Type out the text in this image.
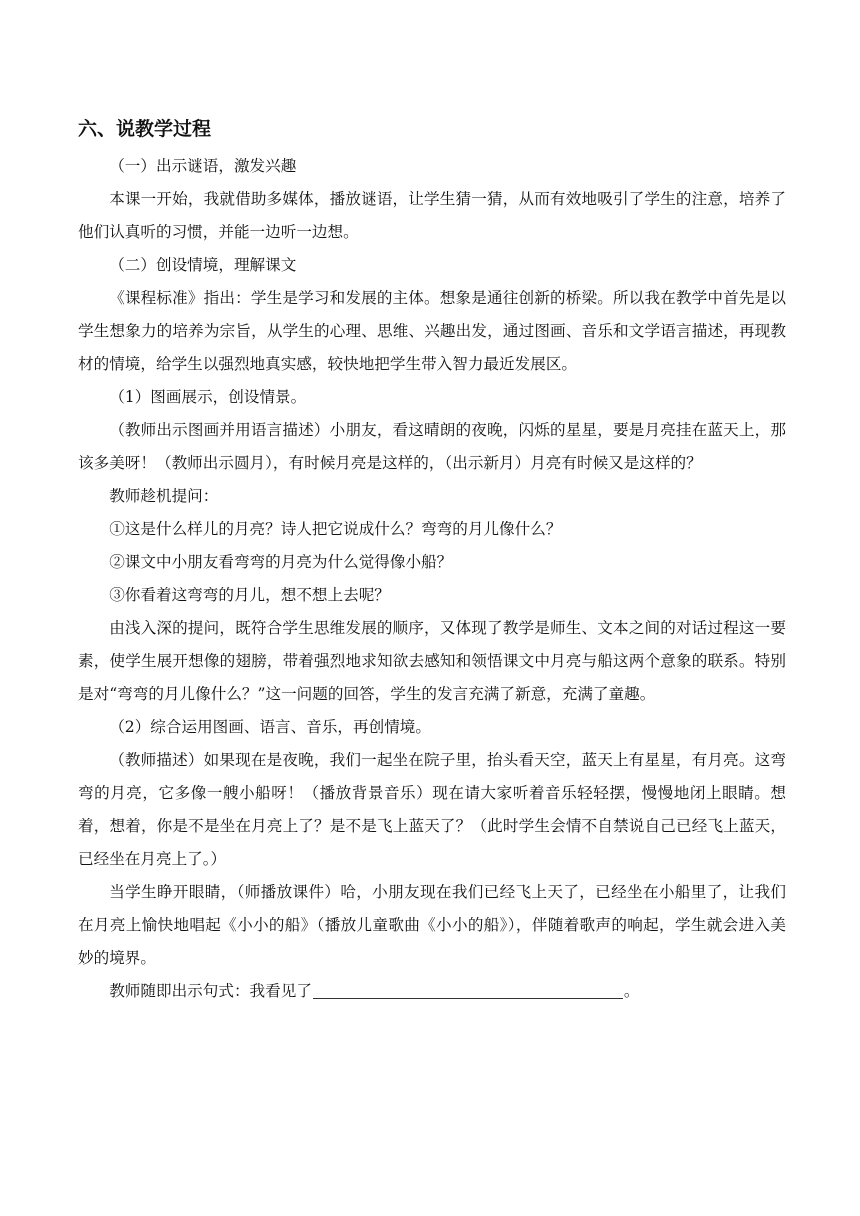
六、说教学过程

（一）出示谜语，激发兴趣

本课一开始，我就借助多媒体，播放谜语，让学生猜一猜，从而有效地吸引了学生的注意，培养了他们认真听的习惯，并能一边听一边想。

（二）创设情境，理解课文

《课程标准》指出：学生是学习和发展的主体。想象是通往创新的桥梁。所以我在教学中首先是以学生想象力的培养为宗旨，从学生的心理、思维、兴趣出发，通过图画、音乐和文学语言描述，再现教材的情境，给学生以强烈地真实感，较快地把学生带入智力最近发展区。

（1）图画展示，创设情景。

（教师出示图画并用语言描述）小朋友，看这晴朗的夜晚，闪烁的星星，要是月亮挂在蓝天上，那该多美呀！（教师出示圆月），有时候月亮是这样的，（出示新月）月亮有时候又是这样的？

教师趁机提问：

①这是什么样儿的月亮？诗人把它说成什么？弯弯的月儿像什么？

②课文中小朋友看弯弯的月亮为什么觉得像小船？

③你看着这弯弯的月儿，想不想上去呢？

由浅入深的提问，既符合学生思维发展的顺序，又体现了教学是师生、文本之间的对话过程这一要素，使学生展开想像的翅膀，带着强烈地求知欲去感知和领悟课文中月亮与船这两个意象的联系。特别是对“弯弯的月儿像什么？”这一问题的回答，学生的发言充满了新意，充满了童趣。

（2）综合运用图画、语言、音乐，再创情境。

（教师描述）如果现在是夜晚，我们一起坐在院子里，抬头看天空，蓝天上有星星，有月亮。这弯弯的月亮，它多像一艘小船呀！（播放背景音乐）现在请大家听着音乐轻轻摆，慢慢地闭上眼睛。想着，想着，你是不是坐在月亮上了？是不是飞上蓝天了？（此时学生会情不自禁说自己已经飞上蓝天，已经坐在月亮上了。）

当学生睁开眼睛，（师播放课件）哈，小朋友现在我们已经飞上天了，已经坐在小船里了，让我们在月亮上愉快地唱起《小小的船》（播放儿童歌曲《小小的船》），伴随着歌声的响起，学生就会进入美妙的境界。

教师随即出示句式：我看见了	。
